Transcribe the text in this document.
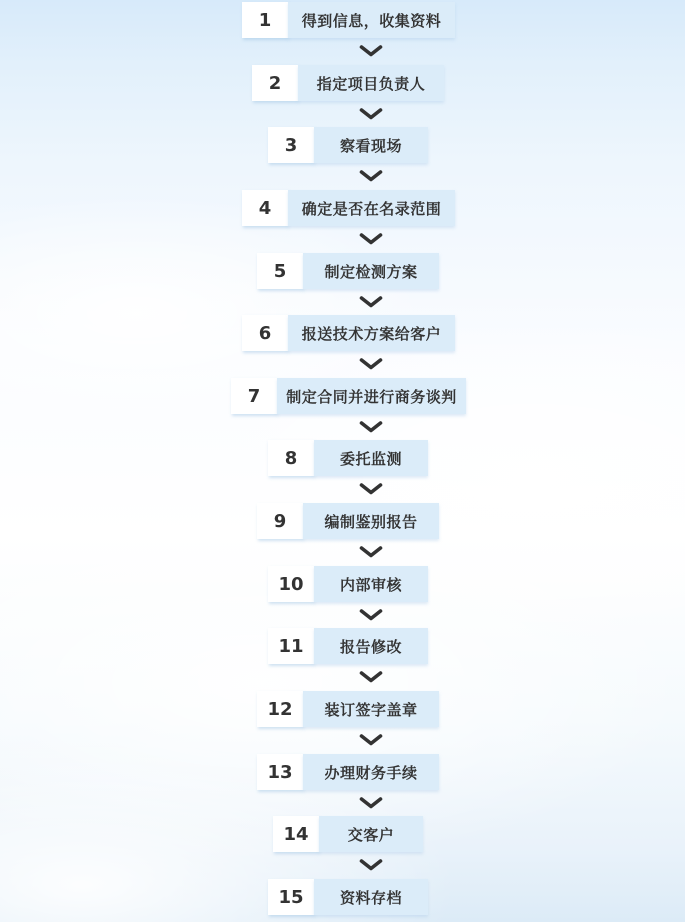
1 得到信息，收集资料
2 指定项目负责人
3	察看现场
4 确定是否在名录范围
5	制定检测方案
6 报送技术方案给客户
7 制定合同并进行商务谈判
8	委托监测
9	编制鉴别报告
10 内部审核
11 报告修改
12 装订签字盖章
13 办理财务手续
14	交客户
15 资料存档
